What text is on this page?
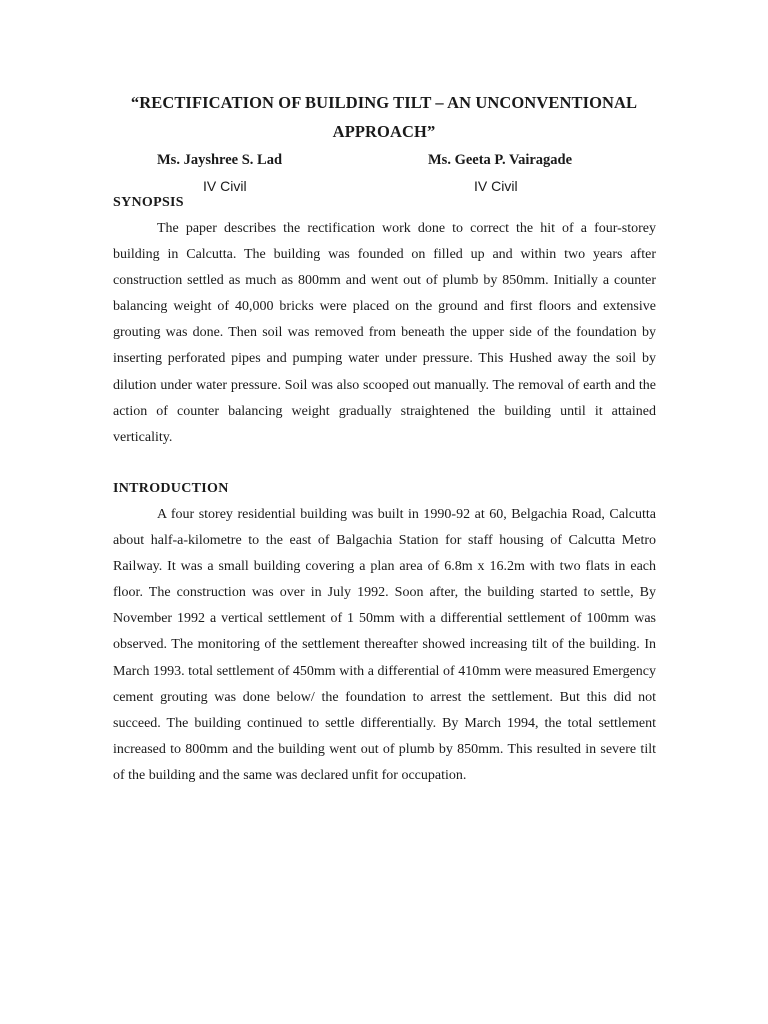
“RECTIFICATION OF BUILDING TILT – AN UNCONVENTIONAL
APPROACH”
Ms. Jayshree S. Lad
IV Civil
Ms. Geeta P. Vairagade
IV Civil
SYNOPSIS

The paper describes the rectification work done to correct the hit of a four-storey building in Calcutta. The building was founded on filled up and within two years after construction settled as much as 800mm and went out of plumb by 850mm. Initially a counter balancing weight of 40,000 bricks were placed on the ground and first floors and extensive grouting was done. Then soil was removed from beneath the upper side of the foundation by inserting perforated pipes and pumping water under pressure. This Hushed away the soil by dilution under water pressure. Soil was also scooped out manually. The removal of earth and the action of counter balancing weight gradually straightened the building until it attained verticality.

INTRODUCTION

A four storey residential building was built in 1990-92 at 60, Belgachia Road, Calcutta about half-a-kilometre to the east of Balgachia Station for staff housing of Calcutta Metro Railway. It was a small building covering a plan area of 6.8m x 16.2m with two flats in each floor. The construction was over in July 1992. Soon after, the building started to settle, By November 1992 a vertical settlement of 1 50mm with a differential settlement of 100mm was observed. The monitoring of the settlement thereafter showed increasing tilt of the building. In March 1993. total settlement of 450mm with a differential of 410mm were measured Emergency cement grouting was done below/ the foundation to arrest the settlement. But this did not succeed. The building continued to settle differentially. By March 1994, the total settlement increased to 800mm and the building went out of plumb by 850mm. This resulted in severe tilt of the building and the same was declared unfit for occupation.
